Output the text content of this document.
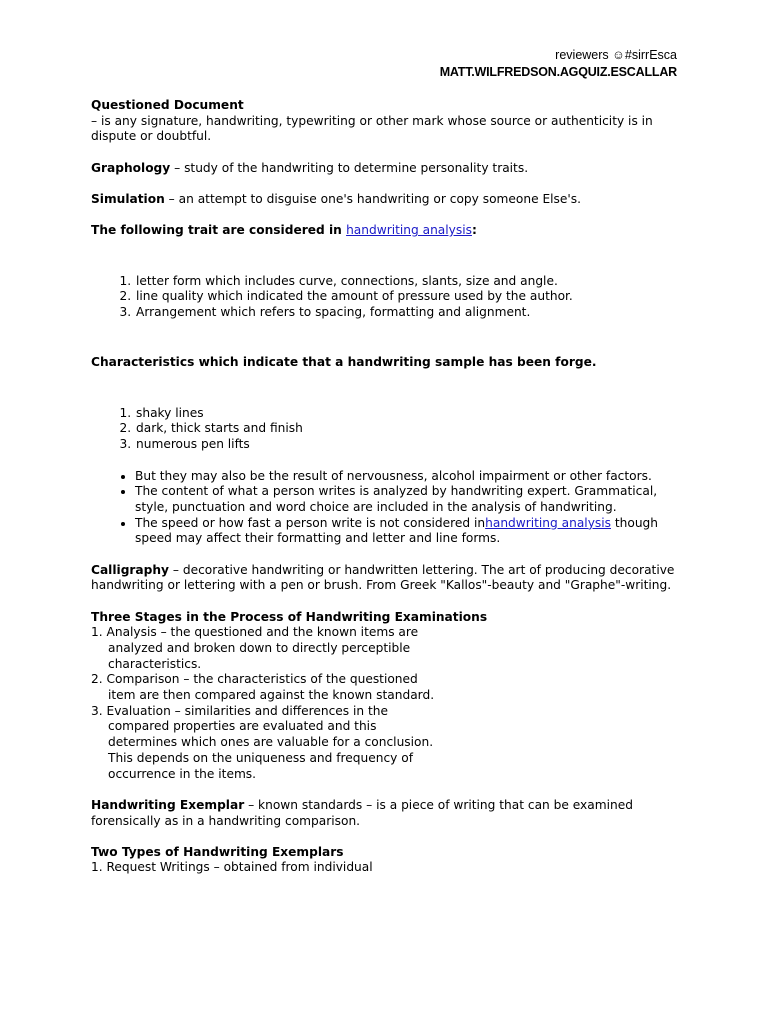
reviewers ☺#sirrEsca
MATT.WILFREDSON.AGQUIZ.ESCALLAR

Questioned Document

– is any signature, handwriting, typewriting or other mark whose source or authenticity is in dispute or doubtful.

Graphology – study of the handwriting to determine personality traits.

Simulation – an attempt to disguise one's handwriting or copy someone Else's.

The following trait are considered in handwriting analysis:

1. letter form which includes curve, connections, slants, size and angle.
2. line quality which indicated the amount of pressure used by the author.
3. Arrangement which refers to spacing, formatting and alignment.

Characteristics which indicate that a handwriting sample has been forge.

1. shaky lines
2. dark, thick starts and finish
3. numerous pen lifts
• But they may also be the result of nervousness, alcohol impairment or other factors.
• The content of what a person writes is analyzed by handwriting expert. Grammatical, style, punctuation and word choice are included in the analysis of handwriting.
• The speed or how fast a person write is not considered inhandwriting analysis though speed may affect their formatting and letter and line forms.

Calligraphy – decorative handwriting or handwritten lettering. The art of producing decorative handwriting or lettering with a pen or brush. From Greek "Kallos"-beauty and "Graphe"-writing.

Three Stages in the Process of Handwriting Examinations

1. Analysis – the questioned and the known items are analyzed and broken down to directly perceptible characteristics.
2. Comparison – the characteristics of the questioned item are then compared against the known standard.
3. Evaluation – similarities and differences in the compared properties are evaluated and this determines which ones are valuable for a conclusion. This depends on the uniqueness and frequency of occurrence in the items.

Handwriting Exemplar – known standards – is a piece of writing that can be examined forensically as in a handwriting comparison.

Two Types of Handwriting Exemplars

1. Request Writings – obtained from individual
